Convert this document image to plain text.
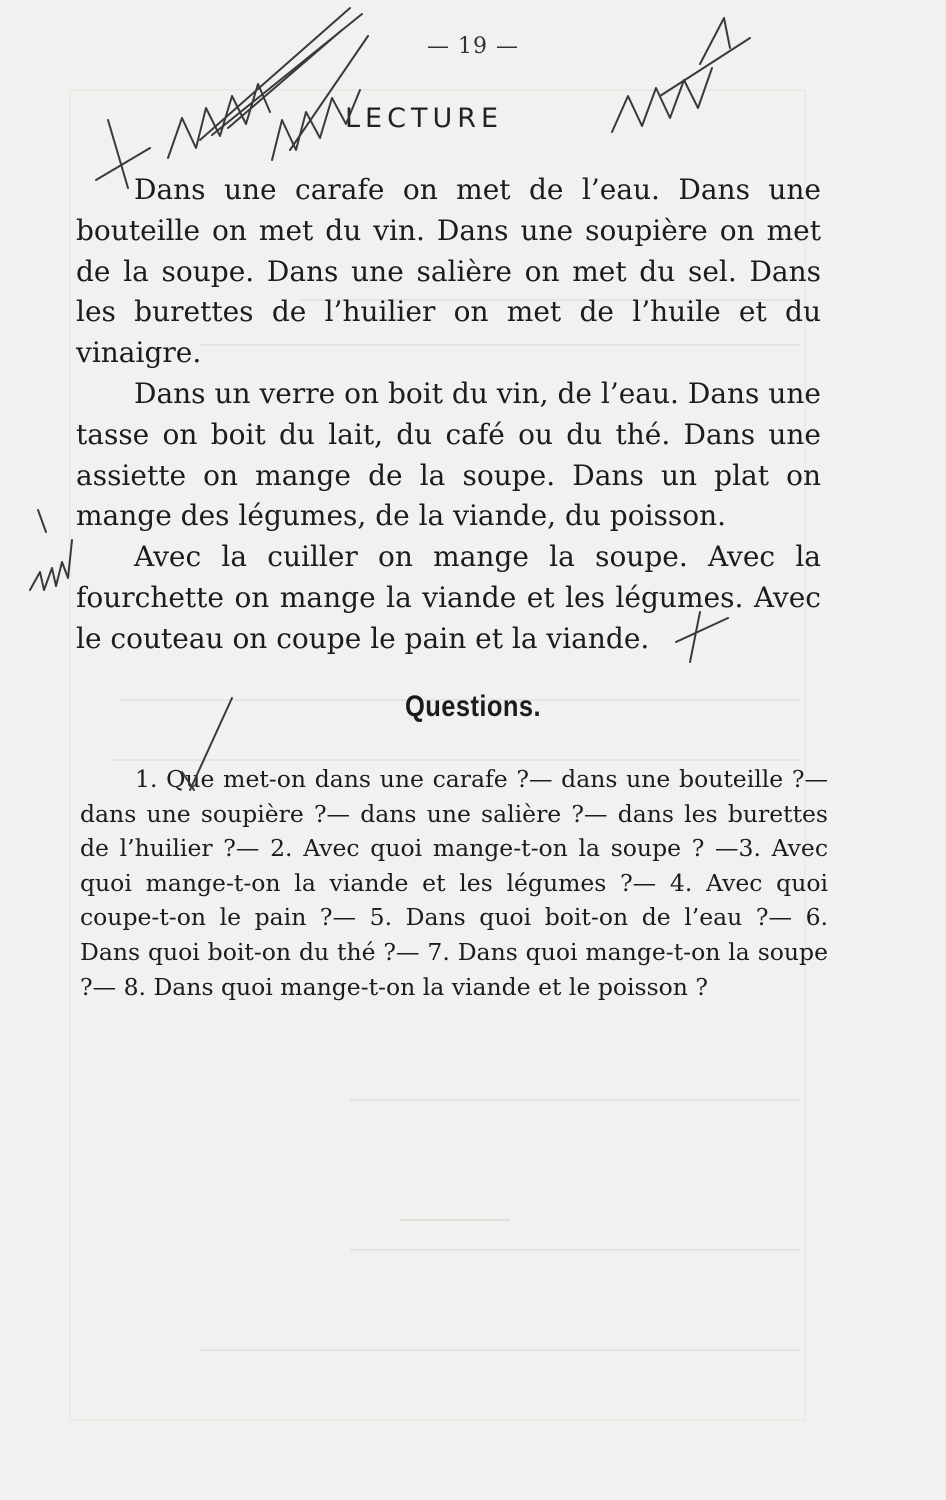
— 19 —
LECTURE

Dans une carafe on met de l’eau. Dans une bouteille on met du vin. Dans une soupière on met de la soupe. Dans une salière on met du sel. Dans les burettes de l’huilier on met de l’huile et du vinaigre.

Dans un verre on boit du vin, de l’eau. Dans une tasse on boit du lait, du café ou du thé. Dans une assiette on mange de la soupe. Dans un plat on mange des légumes, de la viande, du poisson.

Avec la cuiller on mange la soupe. Avec la fourchette on mange la viande et les légumes. Avec le couteau on coupe le pain et la viande.

Questions.
1. Que met-on dans une carafe ?— dans une bouteille ?— dans une soupière ?— dans une salière ?— dans les burettes de l’huilier ?— 2. Avec quoi mange-t-on la soupe ? —3. Avec quoi mange-t-on la viande et les légumes ?— 4. Avec quoi coupe-t-on le pain ?— 5. Dans quoi boit-on de l’eau ?— 6. Dans quoi boit-on du thé ?— 7. Dans quoi mange-t-on la soupe ?— 8. Dans quoi mange-t-on la viande et le poisson ?
